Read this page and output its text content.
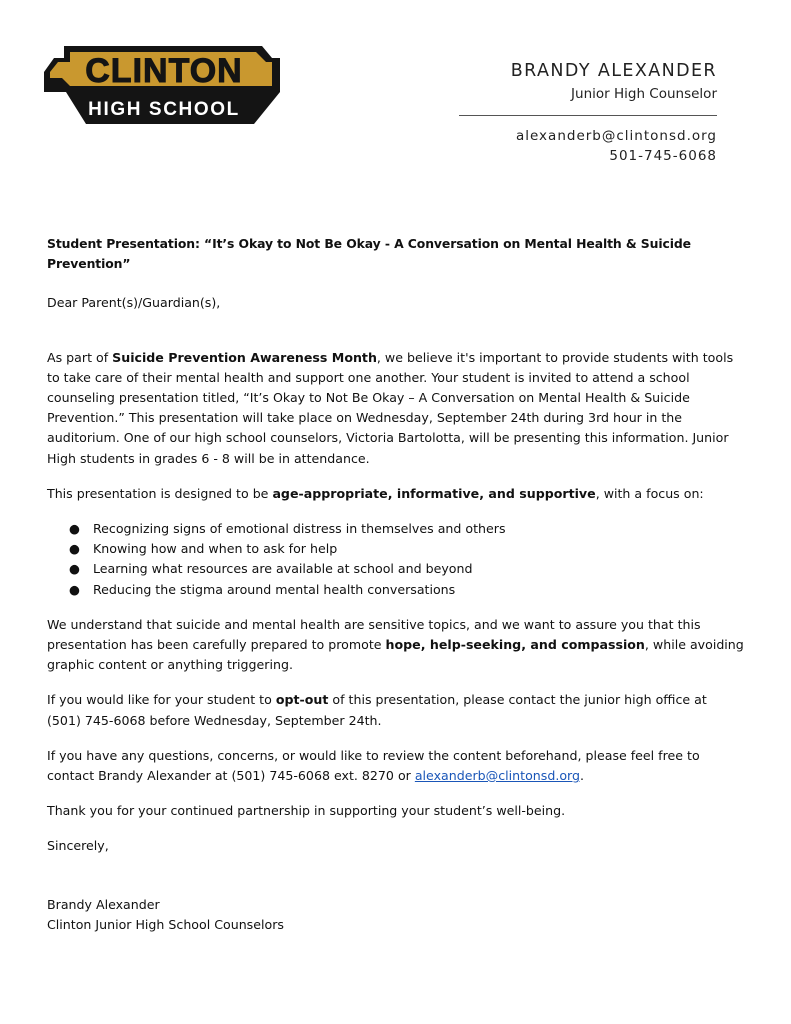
CLINTON
HIGH SCHOOL
BRANDY ALEXANDER
Junior High Counselor
alexanderb@clintonsd.org
501-745-6068

Student Presentation: “It’s Okay to Not Be Okay - A Conversation on Mental Health & Suicide Prevention”

Dear Parent(s)/Guardian(s),

As part of Suicide Prevention Awareness Month, we believe it's important to provide students with tools to take care of their mental health and support one another. Your student is invited to attend a school counseling presentation titled, “It’s Okay to Not Be Okay – A Conversation on Mental Health & Suicide Prevention.” This presentation will take place on Wednesday, September 24th during 3rd hour in the auditorium. One of our high school counselors, Victoria Bartolotta, will be presenting this information. Junior High students in grades 6 - 8 will be in attendance.

This presentation is designed to be age-appropriate, informative, and supportive, with a focus on:

● Recognizing signs of emotional distress in themselves and others
● Knowing how and when to ask for help
● Learning what resources are available at school and beyond
● Reducing the stigma around mental health conversations

We understand that suicide and mental health are sensitive topics, and we want to assure you that this presentation has been carefully prepared to promote hope, help-seeking, and compassion, while avoiding graphic content or anything triggering.

If you would like for your student to opt-out of this presentation, please contact the junior high office at
(501) 745-6068 before Wednesday, September 24th.

If you have any questions, concerns, or would like to review the content beforehand, please feel free to contact Brandy Alexander at (501) 745-6068 ext. 8270 or alexanderb@clintonsd.org.

Thank you for your continued partnership in supporting your student’s well-being.

Sincerely,

Brandy Alexander

Clinton Junior High School Counselors
